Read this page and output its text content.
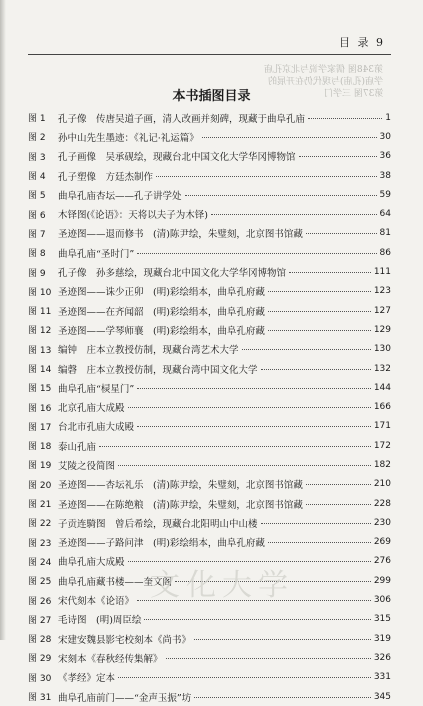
第348图 儒家学说与北京孔庙
学庙(孔庙)与现代仍在开展的
第37图 三学门
目 录 9
本书插图目录
图 1	孔子像　传唐吴道子画，清人改画并刻碑，现藏于曲阜孔庙	1
图 2	孙中山先生墨迹：《礼记·礼运篇》	30
图 3	孔子画像　吴承砚绘，现藏台北中国文化大学华冈博物馆	36
图 4	孔子塑像　方廷杰制作	38
图 5	曲阜孔庙杏坛——孔子讲学处	59
图 6	木铎图(《论语》：天将以夫子为木铎)	64
图 7	圣迹图——退而修书　(清)陈尹绘，朱璧刻，北京图书馆藏	81
图 8	曲阜孔庙“圣时门”	86
图 9	孔子像　孙多慈绘，现藏台北中国文化大学华冈博物馆	111
图 10 圣迹图——诛少正卯　(明)彩绘绢本，曲阜孔府藏	123
图 11 圣迹图——在齐闻韶　(明)彩绘绢本，曲阜孔府藏	127
图 12 圣迹图——学琴师襄　(明)彩绘绢本，曲阜孔府藏	129
图 13 编钟　庄本立教授仿制，现藏台湾艺术大学	130
图 14 编磬　庄本立教授仿制，现藏台湾中国文化大学	132
图 15 曲阜孔庙“棂星门”	144
图 16 北京孔庙大成殿	166
图 17 台北市孔庙大成殿	171
图 18 泰山孔庙	172
图 19 艾陵之役简图	182
图 20 圣迹图——杏坛礼乐　(清)陈尹绘，朱璧刻，北京图书馆藏	210
图 21 圣迹图——在陈绝粮　(清)陈尹绘，朱璧刻，北京图书馆藏	228
图 22 子贡连騎图　曾后希绘，现藏台北阳明山中山楼	230
图 23 圣迹图——子路问津　(明)彩绘绢本，曲阜孔府藏	269
图 24 曲阜孔庙大成殿	276
图 25 曲阜孔庙藏书楼——奎文阁	299
图 26 宋代刻本《论语》	306
图 27 毛诗图　(明)周臣绘	315
图 28 宋建安魏县影宅校刻本《尚书》	319
图 29 宋刻本《春秋经传集解》	326
图 30 《孝经》定本	331
图 31 曲阜孔庙前门——“金声玉振”坊	345
文化大学
